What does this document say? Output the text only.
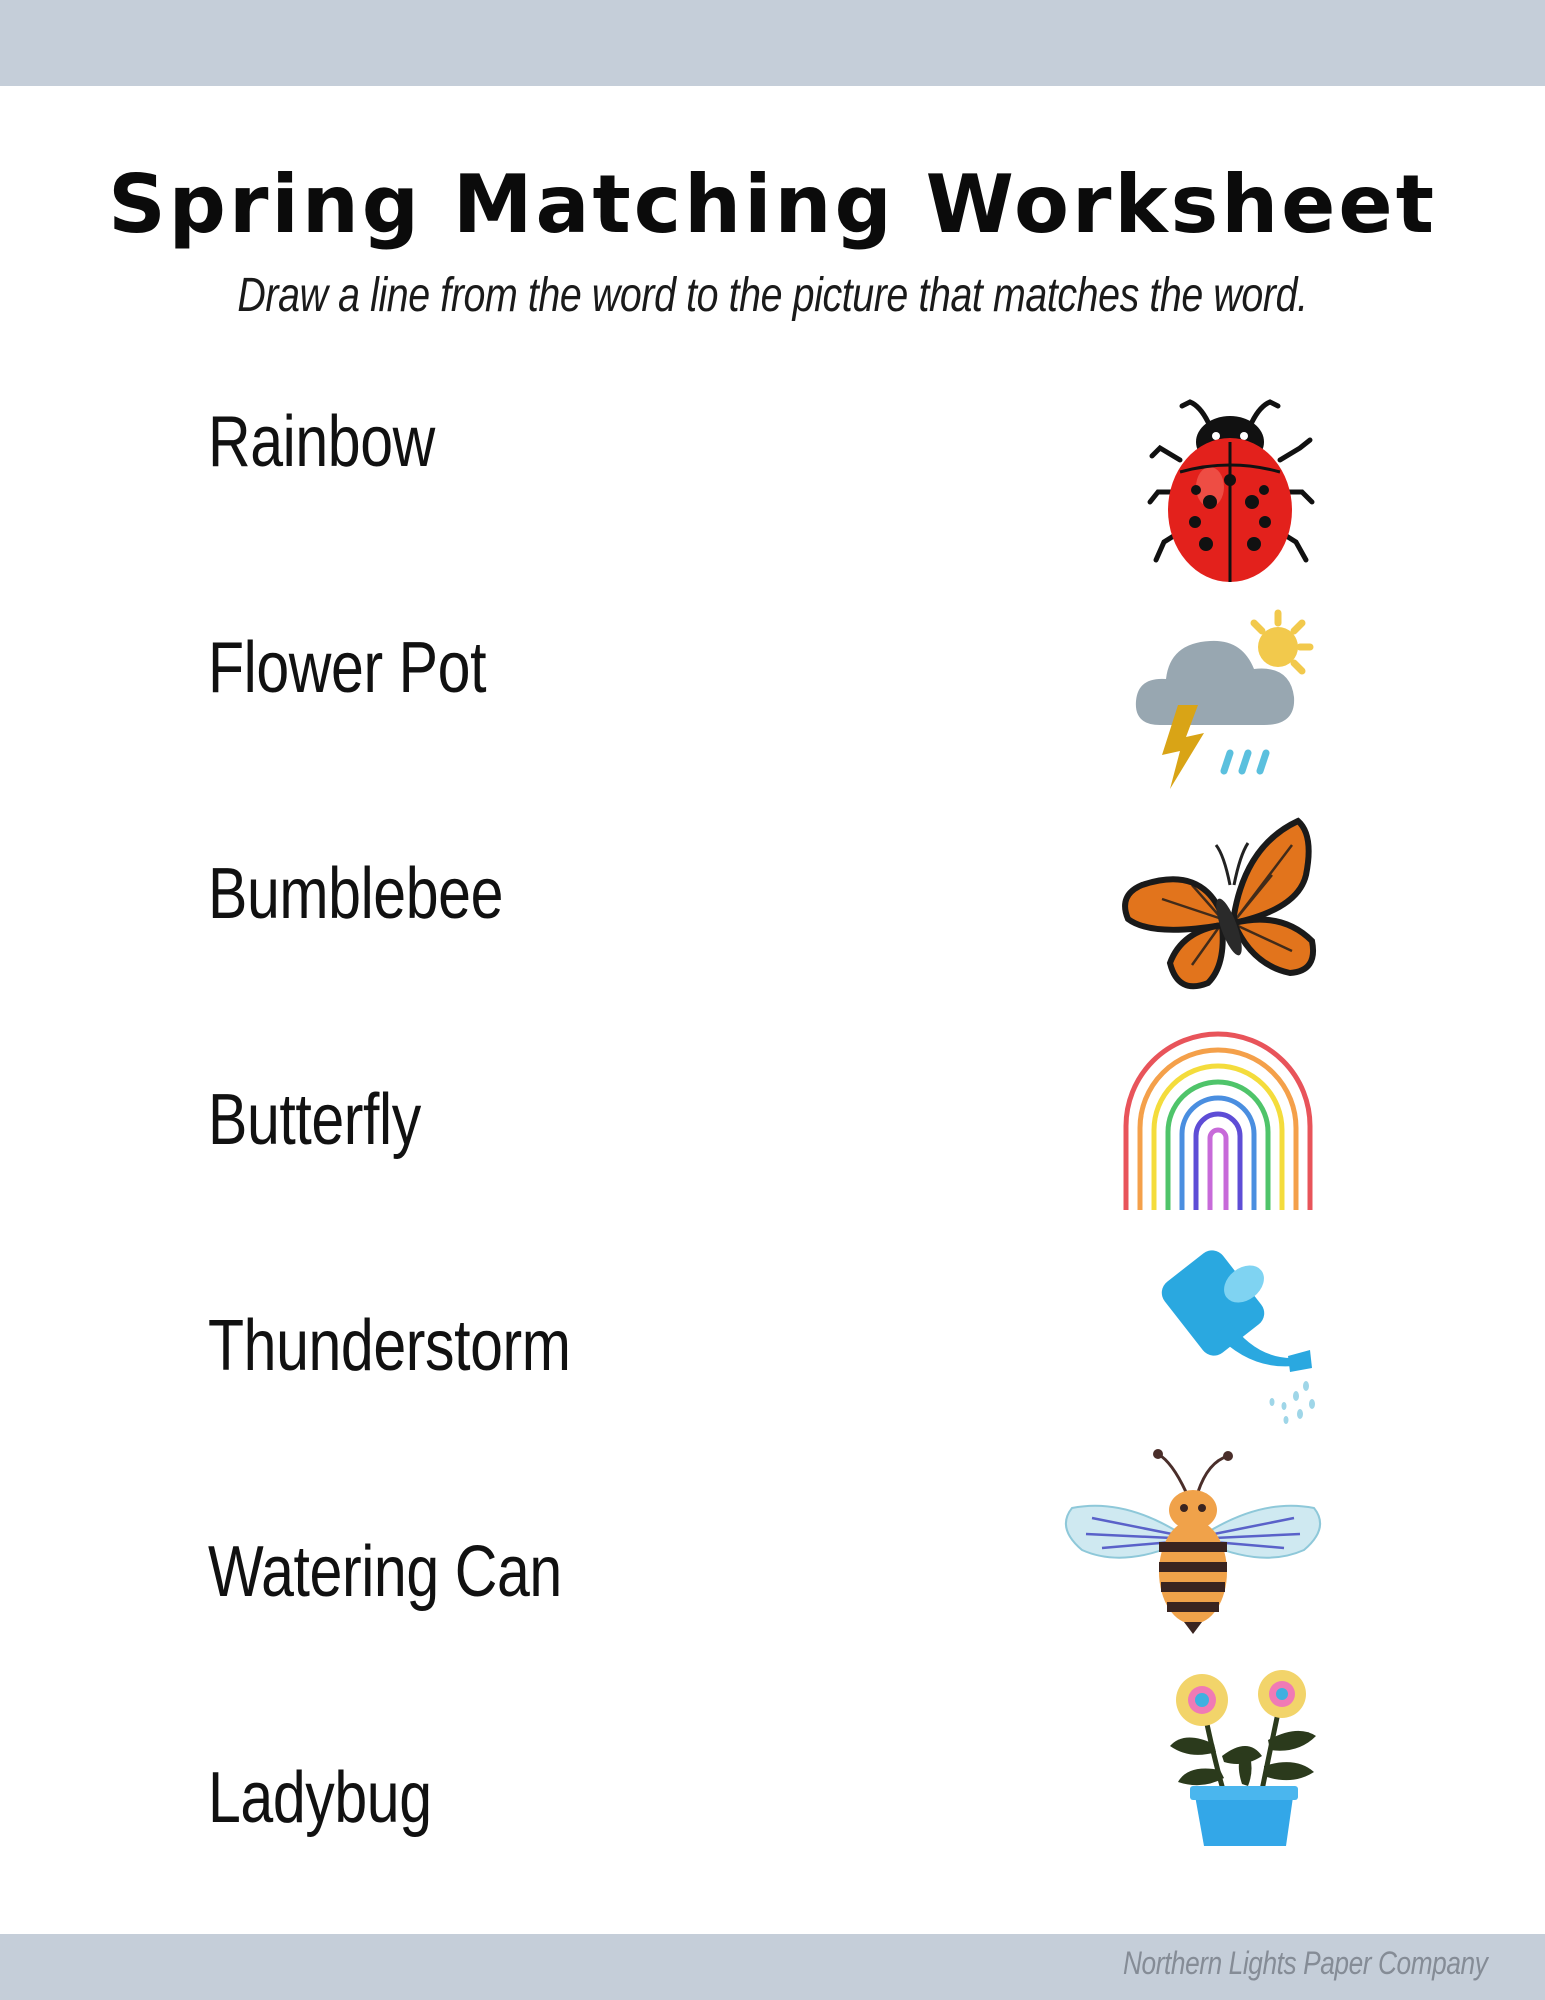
Spring Matching Worksheet
Draw a line from the word to the picture that matches the word.
Rainbow
Flower Pot
Bumblebee
Butterfly
Thunderstorm
Watering Can
Ladybug
Northern Lights Paper Company
